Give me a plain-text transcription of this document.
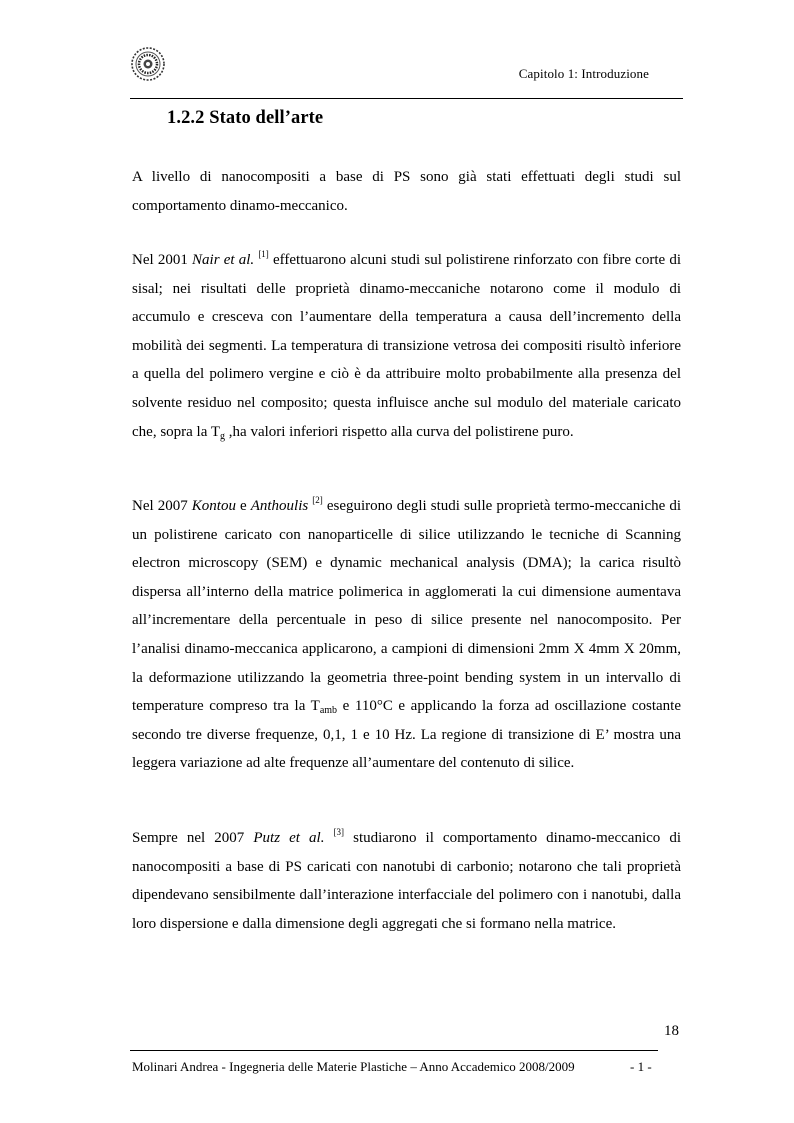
Capitolo 1: Introduzione
1.2.2 Stato dell’arte

A livello di nanocompositi a base di PS sono già stati effettuati degli studi sul comportamento dinamo-meccanico.

Nel 2001 Nair et al. [1] effettuarono alcuni studi sul polistirene rinforzato con fibre corte di sisal; nei risultati delle proprietà dinamo-meccaniche notarono come il modulo di accumulo e cresceva con l’aumentare della temperatura a causa dell’incremento della mobilità dei segmenti. La temperatura di transizione vetrosa dei compositi risultò inferiore a quella del polimero vergine e ciò è da attribuire molto probabilmente alla presenza del solvente residuo nel composito; questa influisce anche sul modulo del materiale caricato che, sopra la $T_g$ ,ha valori inferiori rispetto alla curva del polistirene puro.

Nel 2007 Kontou e Anthoulis [2] eseguirono degli studi sulle proprietà termo-meccaniche di un polistirene caricato con nanoparticelle di silice utilizzando le tecniche di Scanning electron microscopy (SEM) e dynamic mechanical analysis (DMA); la carica risultò dispersa all’interno della matrice polimerica in agglomerati la cui dimensione aumentava all’incrementare della percentuale in peso di silice presente nel nanocomposito. Per l’analisi dinamo-meccanica applicarono, a campioni di dimensioni 2mm X 4mm X 20mm, la deformazione utilizzando la geometria three-point bending system in un intervallo di temperature compreso tra la $T_{amb}$ e 110°C e applicando la forza ad oscillazione costante secondo tre diverse frequenze, 0,1, 1 e 10 Hz. La regione di transizione di E’ mostra una leggera variazione ad alte frequenze all’aumentare del contenuto di silice.

Sempre nel 2007 Putz et al. [3] studiarono il comportamento dinamo-meccanico di nanocompositi a base di PS caricati con nanotubi di carbonio; notarono che tali proprietà dipendevano sensibilmente dall’interazione interfacciale del polimero con i nanotubi, dalla loro dispersione e dalla dimensione degli aggregati che si formano nella matrice.

18
Molinari Andrea - Ingegneria delle Materie Plastiche – Anno Accademico 2008/2009	- 1 -
